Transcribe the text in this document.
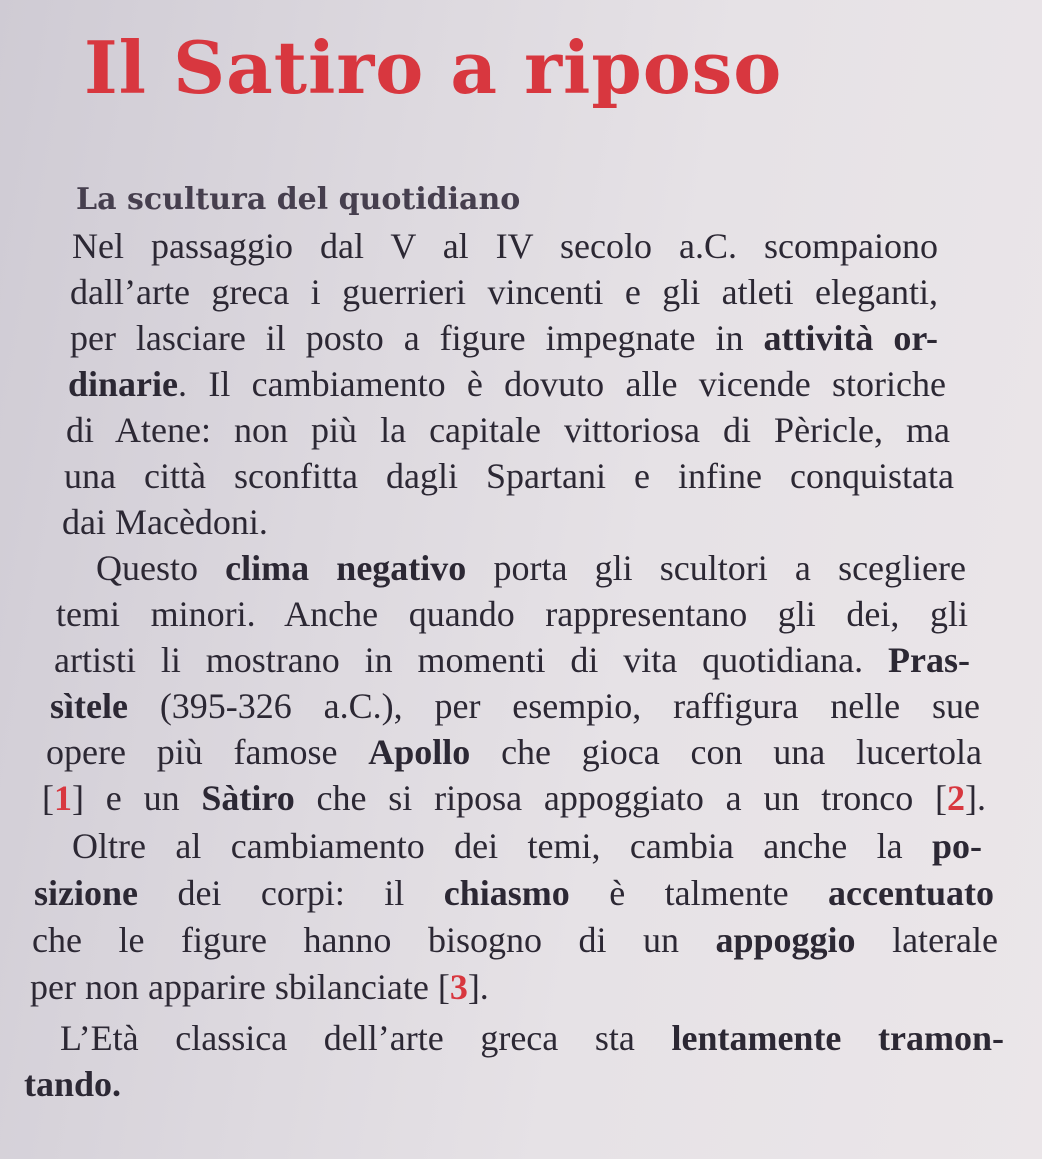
Il Satiro a riposo
La scultura del quotidiano
Nel passaggio dal V al IV secolo a.C. scompaiono
dall’arte greca i guerrieri vincenti e gli atleti eleganti,
per lasciare il posto a figure impegnate in attività or-
dinarie. Il cambiamento è dovuto alle vicende storiche
di Atene: non più la capitale vittoriosa di Pèricle, ma
una città sconfitta dagli Spartani e infine conquistata
dai Macèdoni.
Questo clima negativo porta gli scultori a scegliere
temi minori. Anche quando rappresentano gli dei, gli
artisti li mostrano in momenti di vita quotidiana. Pras-
sìtele (395-326 a.C.), per esempio, raffigura nelle sue
opere più famose Apollo che gioca con una lucertola
[1] e un Sàtiro che si riposa appoggiato a un tronco [2].
Oltre al cambiamento dei temi, cambia anche la po-
sizione dei corpi: il chiasmo è talmente accentuato
che le figure hanno bisogno di un appoggio laterale
per non apparire sbilanciate [3].
L’Età classica dell’arte greca sta lentamente tramon-
tando.
